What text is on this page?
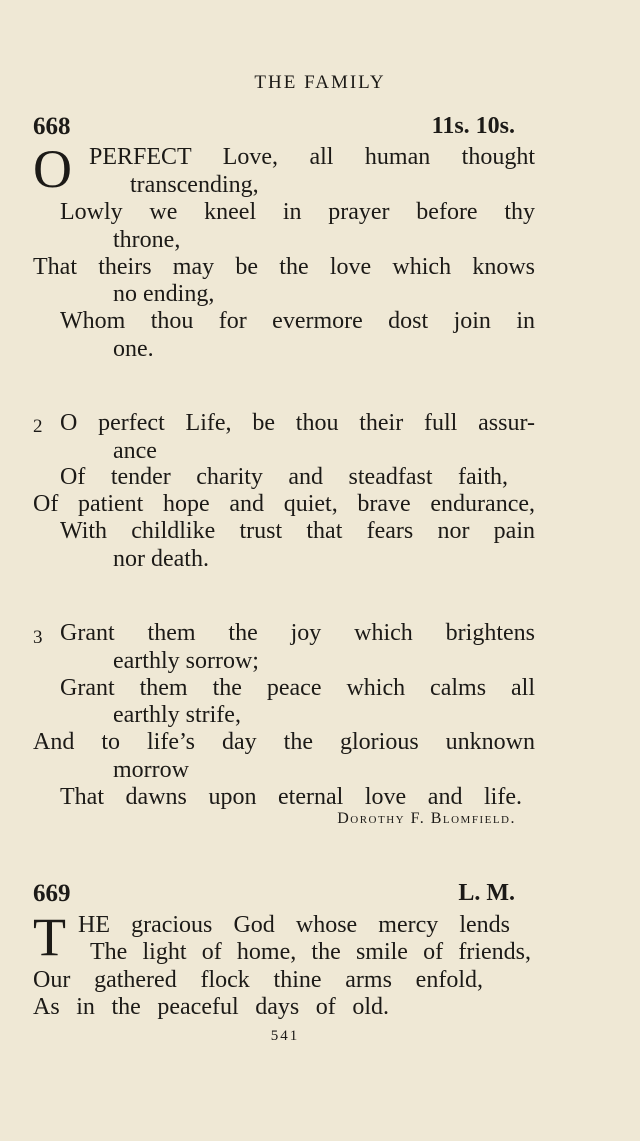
THE FAMILY
668	11s. 10s.
O PERFECT Love, all human thought
transcending,
Lowly we kneel in prayer before thy
throne,
That theirs may be the love which knows
no ending,
Whom thou for evermore dost join in
one.
2 O perfect Life, be thou their full assur-
ance
Of tender charity and steadfast faith,
Of patient hope and quiet, brave endurance,
With childlike trust that fears nor pain
nor death.
3 Grant them the joy which brightens
earthly sorrow;
Grant them the peace which calms all
earthly strife,
And to life’s day the glorious unknown
morrow
That dawns upon eternal love and life.
Dorothy F. Blomfield.
669	L. M.
T HE gracious God whose mercy lends
The light of home, the smile of friends,
Our gathered flock thine arms enfold,
As in the peaceful days of old.
541
